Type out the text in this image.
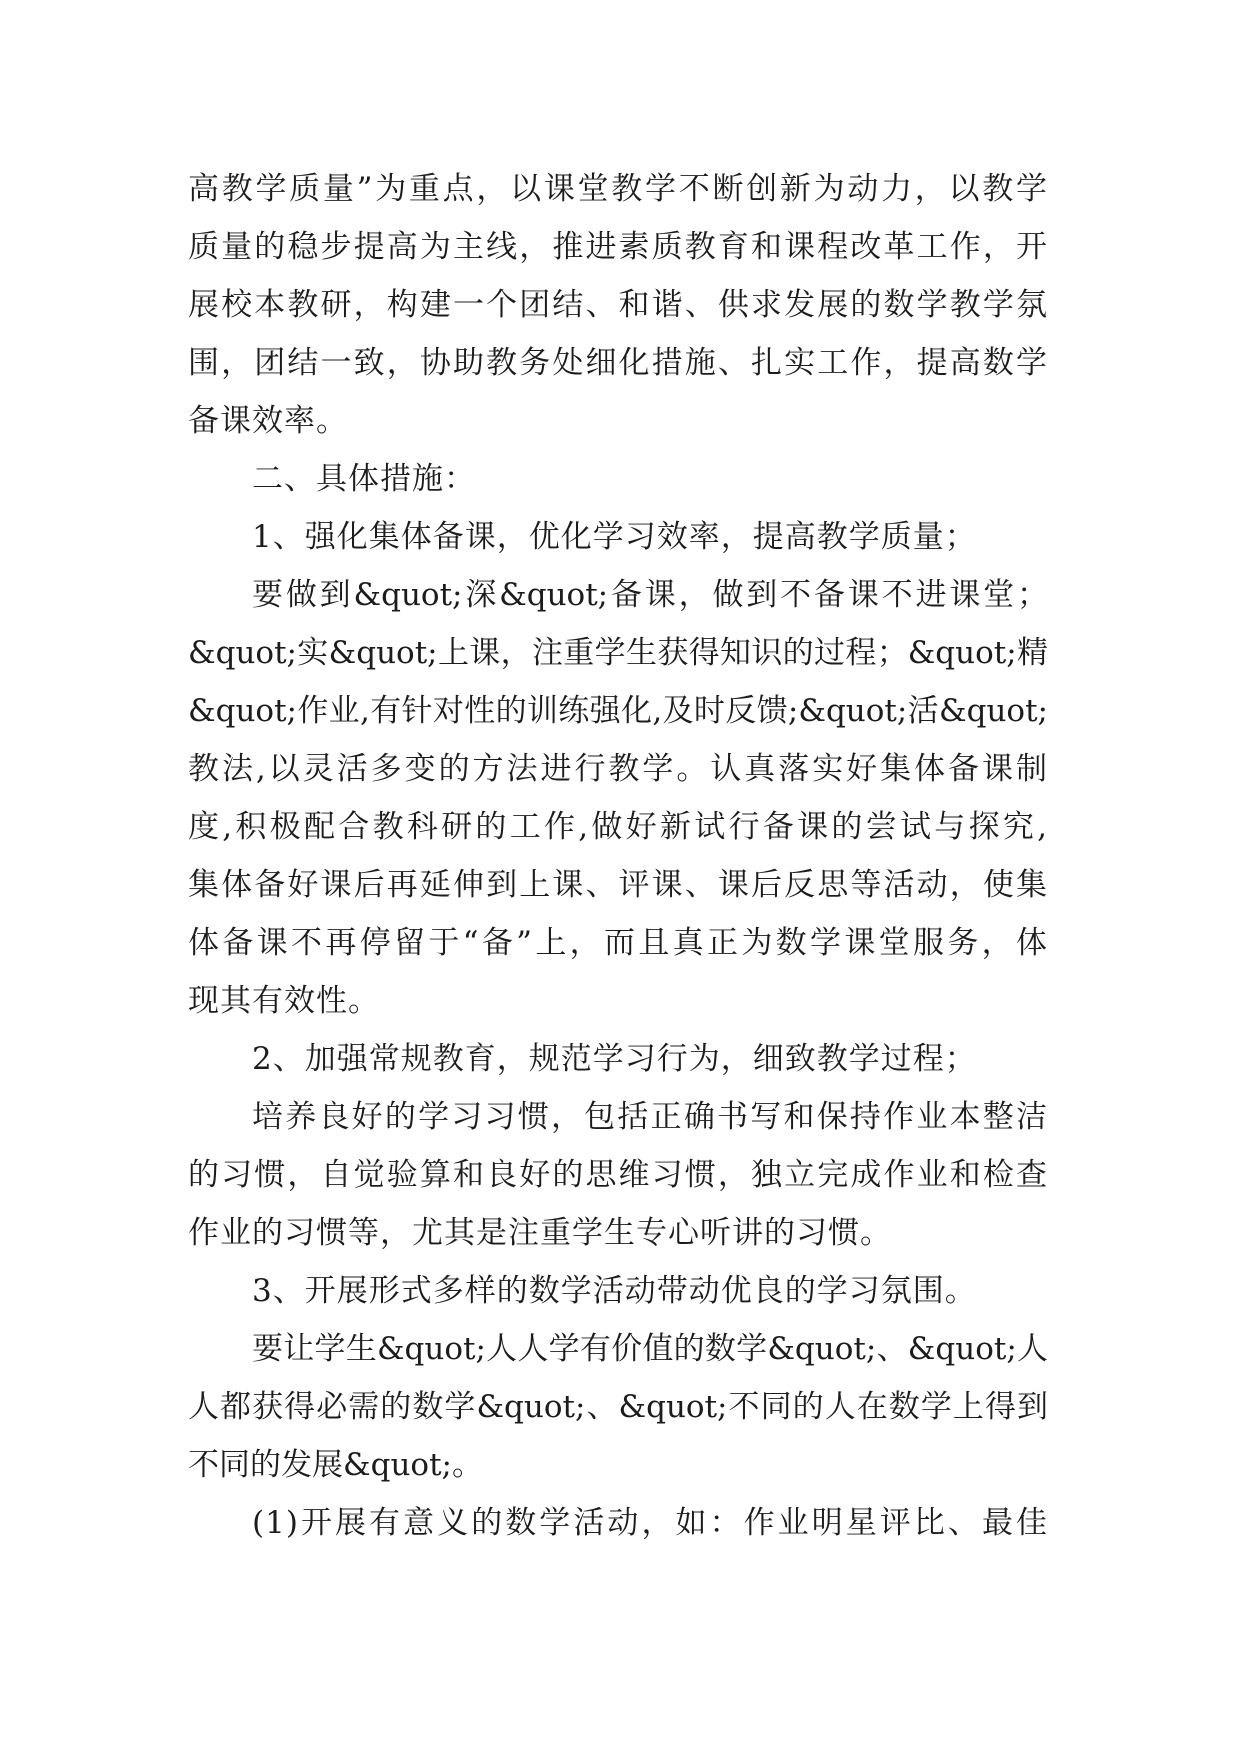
高教学质量”为重点，以课堂教学不断创新为动力，以教学
质量的稳步提高为主线，推进素质教育和课程改革工作，开
展校本教研，构建一个团结、和谐、供求发展的数学教学氛
围，团结一致，协助教务处细化措施、扎实工作，提高数学
备课效率。
二、具体措施：
1、强化集体备课，优化学习效率，提高教学质量；
要做到&quot;深&quot;备课，做到不备课不进课堂；
&quot;实&quot;上课，注重学生获得知识的过程；&quot;精
&quot;作业,有针对性的训练强化,及时反馈;&quot;活&quot;
教法,以灵活多变的方法进行教学。认真落实好集体备课制
度,积极配合教科研的工作,做好新试行备课的尝试与探究,
集体备好课后再延伸到上课、评课、课后反思等活动，使集
体备课不再停留于“备”上，而且真正为数学课堂服务，体
现其有效性。
2、加强常规教育，规范学习行为，细致教学过程；
培养良好的学习习惯，包括正确书写和保持作业本整洁
的习惯，自觉验算和良好的思维习惯，独立完成作业和检查
作业的习惯等，尤其是注重学生专心听讲的习惯。
3、开展形式多样的数学活动带动优良的学习氛围。
要让学生&quot;人人学有价值的数学&quot;、&quot;人
人都获得必需的数学&quot;、&quot;不同的人在数学上得到
不同的发展&quot;。
(1)开展有意义的数学活动，如：作业明星评比、最佳
